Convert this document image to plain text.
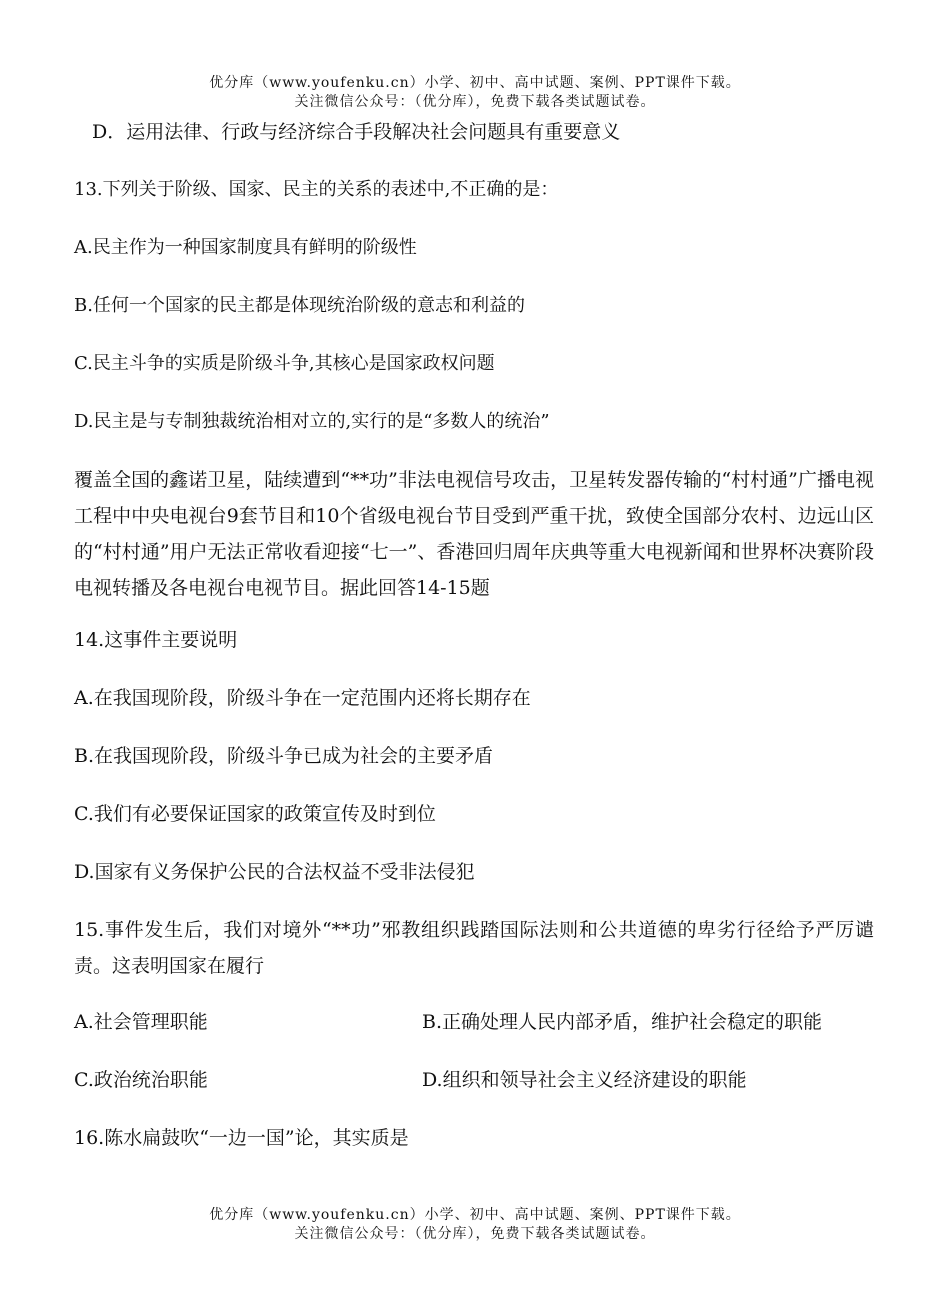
优分库（www.youfenku.cn）小学、初中、高中试题、案例、PPT课件下载。
关注微信公众号：（优分库），免费下载各类试题试卷。
D．运用法律、行政与经济综合手段解决社会问题具有重要意义
13.下列关于阶级、国家、民主的关系的表述中,不正确的是：
A.民主作为一种国家制度具有鲜明的阶级性
B.任何一个国家的民主都是体现统治阶级的意志和利益的
C.民主斗争的实质是阶级斗争,其核心是国家政权问题
D.民主是与专制独裁统治相对立的,实行的是“多数人的统治”
覆盖全国的鑫诺卫星，陆续遭到“**功”非法电视信号攻击，卫星转发器传输的“村村通”广播电视工程中中央电视台9套节目和10个省级电视台节目受到严重干扰，致使全国部分农村、边远山区的“村村通”用户无法正常收看迎接“七一”、香港回归周年庆典等重大电视新闻和世界杯决赛阶段电视转播及各电视台电视节目。据此回答14-15题
14.这事件主要说明
A.在我国现阶段，阶级斗争在一定范围内还将长期存在
B.在我国现阶段，阶级斗争已成为社会的主要矛盾
C.我们有必要保证国家的政策宣传及时到位
D.国家有义务保护公民的合法权益不受非法侵犯
15.事件发生后，我们对境外“**功”邪教组织践踏国际法则和公共道德的卑劣行径给予严厉谴责。这表明国家在履行
A.社会管理职能	B.正确处理人民内部矛盾，维护社会稳定的职能
C.政治统治职能	D.组织和领导社会主义经济建设的职能
16.陈水扁鼓吹“一边一国”论，其实质是
优分库（www.youfenku.cn）小学、初中、高中试题、案例、PPT课件下载。
关注微信公众号：（优分库），免费下载各类试题试卷。
